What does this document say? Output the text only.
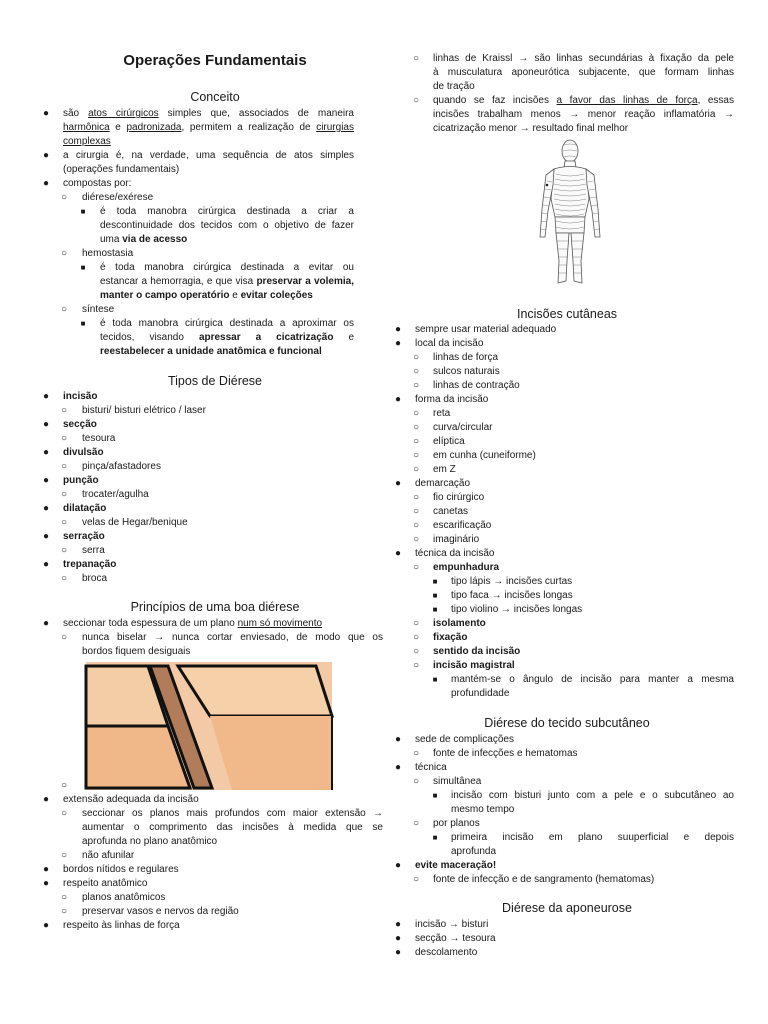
Operações Fundamentais
Conceito
● são atos cirúrgicos simples que, associados de maneira
harmônica e padronizada, permitem a realização de cirurgias
complexas
● a cirurgia é, na verdade, uma sequência de atos simples
(operações fundamentais)
● compostas por:
○ diérese/exérese
■	é toda manobra cirúrgica destinada a criar a
descontinuidade dos tecidos com o objetivo de fazer
uma via de acesso
○ hemostasia
■	é toda manobra cirúrgica destinada a evitar ou
estancar a hemorragia, e que visa preservar a volemia,
manter o campo operatório e evitar coleções
○ síntese
■	é toda manobra cirúrgica destinada a aproximar os
tecidos, visando apressar a cicatrização e
reestabelecer a unidade anatômica e funcional
Tipos de Diérese
● incisão
○ bisturi/ bisturi elétrico / laser
● secção
○ tesoura
● divulsão
○ pinça/afastadores
● punção
○ trocater/agulha
● dilatação
○ velas de Hegar/benique
● serração
○ serra
● trepanação
○ broca
Princípios de uma boa diérese
● seccionar toda espessura de um plano num só movimento
○ nunca biselar → nunca cortar enviesado, de modo que os
bordos fiquem desiguais
○
● extensão adequada da incisão
○ seccionar os planos mais profundos com maior extensão →
aumentar o comprimento das incisões à medida que se
aprofunda no plano anatômico
○ não afunilar
● bordos nítidos e regulares
● respeito anatômico
○ planos anatômicos
○ preservar vasos e nervos da região
● respeito às linhas de força
○ linhas de Kraissl → são linhas secundárias à fixação da pele
à musculatura aponeurótica subjacente, que formam linhas
de tração
○ quando se faz incisões a favor das linhas de força, essas
incisões trabalham menos → menor reação inflamatória →
cicatrização menor → resultado final melhor
Incisões cutâneas
● sempre usar material adequado
● local da incisão
○ linhas de força
○ sulcos naturais
○ linhas de contração
● forma da incisão
○ reta
○ curva/circular
○ elíptica
○ em cunha (cuneiforme)
○ em Z
● demarcação
○ fio cirúrgico
○ canetas
○ escarificação
○ imaginário
● técnica da incisão
○ empunhadura
■	tipo lápis → incisões curtas
■	tipo faca → incisões longas
■	tipo violino → incisões longas
○ isolamento
○ fixação
○ sentido da incisão
○ incisão magistral
■	mantém-se o ângulo de incisão para manter a mesma
profundidade
Diérese do tecido subcutâneo
● sede de complicações
○ fonte de infecções e hematomas
● técnica
○ simultânea
■	incisão com bisturi junto com a pele e o subcutâneo ao
mesmo tempo
○ por planos
■	primeira incisão em plano suuperficial e depois
aprofunda
● evite maceração!
○ fonte de infecção e de sangramento (hematomas)
Diérese da aponeurose
● incisão → bisturi
● secção → tesoura
● descolamento
